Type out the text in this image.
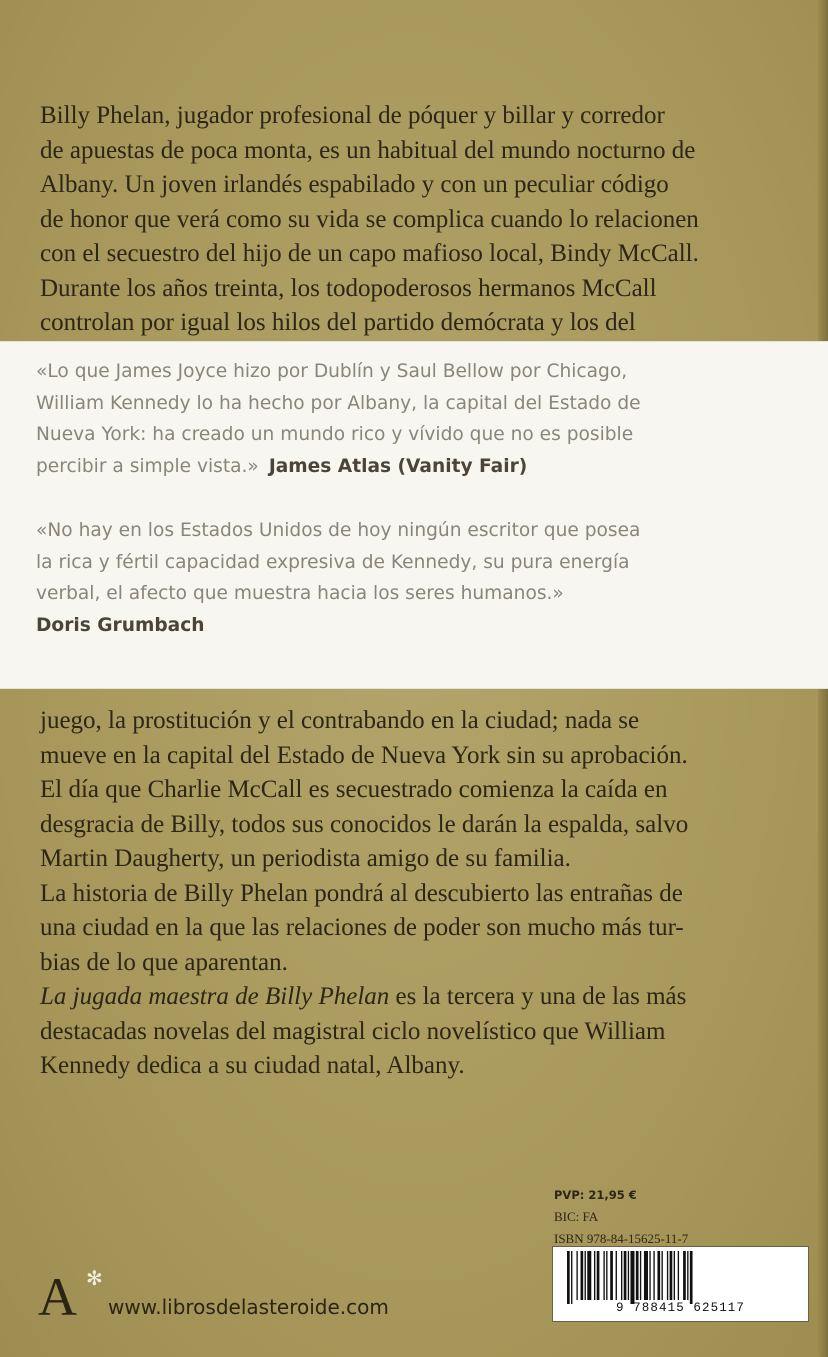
Billy Phelan, jugador profesional de póquer y billar y corredor

de apuestas de poca monta, es un habitual del mundo nocturno de

Albany. Un joven irlandés espabilado y con un peculiar código

de honor que verá como su vida se complica cuando lo relacionen

con el secuestro del hijo de un capo mafioso local, Bindy McCall.

Durante los años treinta, los todopoderosos hermanos McCall

controlan por igual los hilos del partido demócrata y los del

«Lo que James Joyce hizo por Dublín y Saul Bellow por Chicago,
William Kennedy lo ha hecho por Albany, la capital del Estado de
Nueva York: ha creado un mundo rico y vívido que no es posible
percibir a simple vista.» James Atlas (Vanity Fair)
«No hay en los Estados Unidos de hoy ningún escritor que posea
la rica y fértil capacidad expresiva de Kennedy, su pura energía
verbal, el afecto que muestra hacia los seres humanos.»
Doris Grumbach

juego, la prostitución y el contrabando en la ciudad; nada se

mueve en la capital del Estado de Nueva York sin su aprobación.

El día que Charlie McCall es secuestrado comienza la caída en

desgracia de Billy, todos sus conocidos le darán la espalda, salvo

Martin Daugherty, un periodista amigo de su familia.

La historia de Billy Phelan pondrá al descubierto las entrañas de

una ciudad en la que las relaciones de poder son mucho más tur-

bias de lo que aparentan.

La jugada maestra de Billy Phelan es la tercera y una de las más

destacadas novelas del magistral ciclo novelístico que William

Kennedy dedica a su ciudad natal, Albany.

PVP: 21,95 €
BIC: FA
ISBN 978-84-15625-11-7
9 788415 625117
A ✻
www.librosdelasteroide.com
